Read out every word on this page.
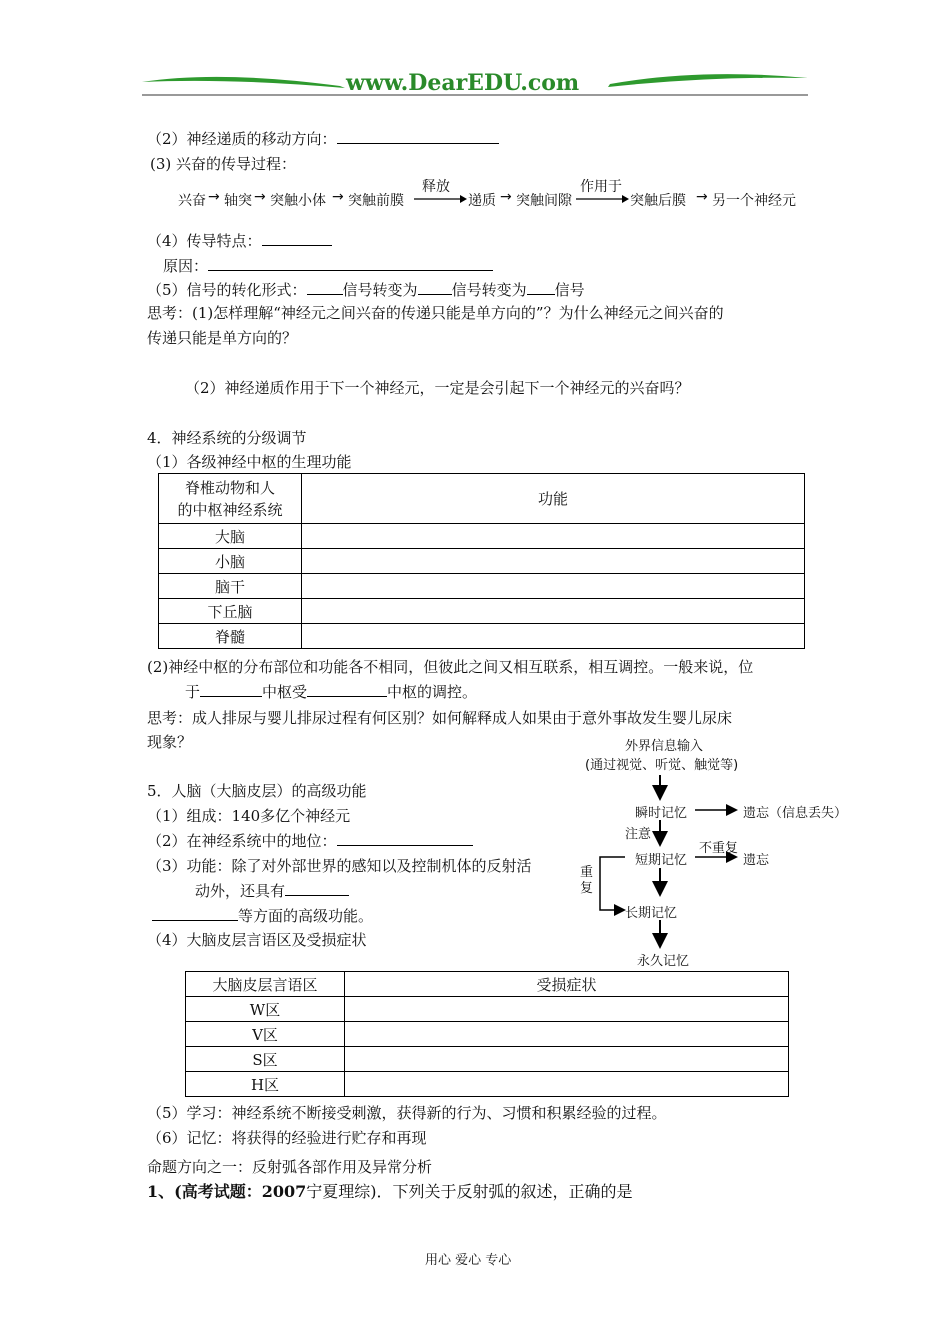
www.DearEDU.com
（2）神经递质的移动方向：
(3) 兴奋的传导过程：
兴奋 → 轴突 → 突触小体 → 突触前膜
释放
递质 → 突触间隙
作用于
突触后膜 → 另一个神经元
（4）传导特点：
原因：
（5）信号的转化形式： 信号转变为 信号转变为 信号
思考：(1)怎样理解“神经元之间兴奋的传递只能是单方向的”？为什么神经元之间兴奋的
传递只能是单方向的？
（2）神经递质作用于下一个神经元，一定是会引起下一个神经元的兴奋吗？
4．神经系统的分级调节
（1）各级神经中枢的生理功能
脊椎动物和人
的中枢神经系统	功能
大脑	
小脑	
脑干	
下丘脑	
脊髓	
(2)神经中枢的分布部位和功能各不相同，但彼此之间又相互联系，相互调控。一般来说，位
于	中枢受	中枢的调控。
思考：成人排尿与婴儿排尿过程有何区别？如何解释成人如果由于意外事故发生婴儿尿床
现象？
5．人脑（大脑皮层）的高级功能
（1）组成：140多亿个神经元
（2）在神经系统中的地位：
（3）功能：除了对外部世界的感知以及控制机体的反射活
动外，还具有
等方面的高级功能。
（4）大脑皮层言语区及受损症状
大脑皮层言语区	受损症状
W区	
V区	
S区	
H区	
（5）学习：神经系统不断接受刺激，获得新的行为、习惯和积累经验的过程。
（6）记忆：将获得的经验进行贮存和再现
外界信息输入
(通过视觉、听觉、触觉等)
瞬时记忆	遗忘（信息丢失）
注意
短期记忆
不重复
遗忘
重复
长期记忆
永久记忆
命题方向之一：反射弧各部作用及异常分析
1、(高考试题：2007宁夏理综)．下列关于反射弧的叙述，正确的是
用心 爱心 专心
